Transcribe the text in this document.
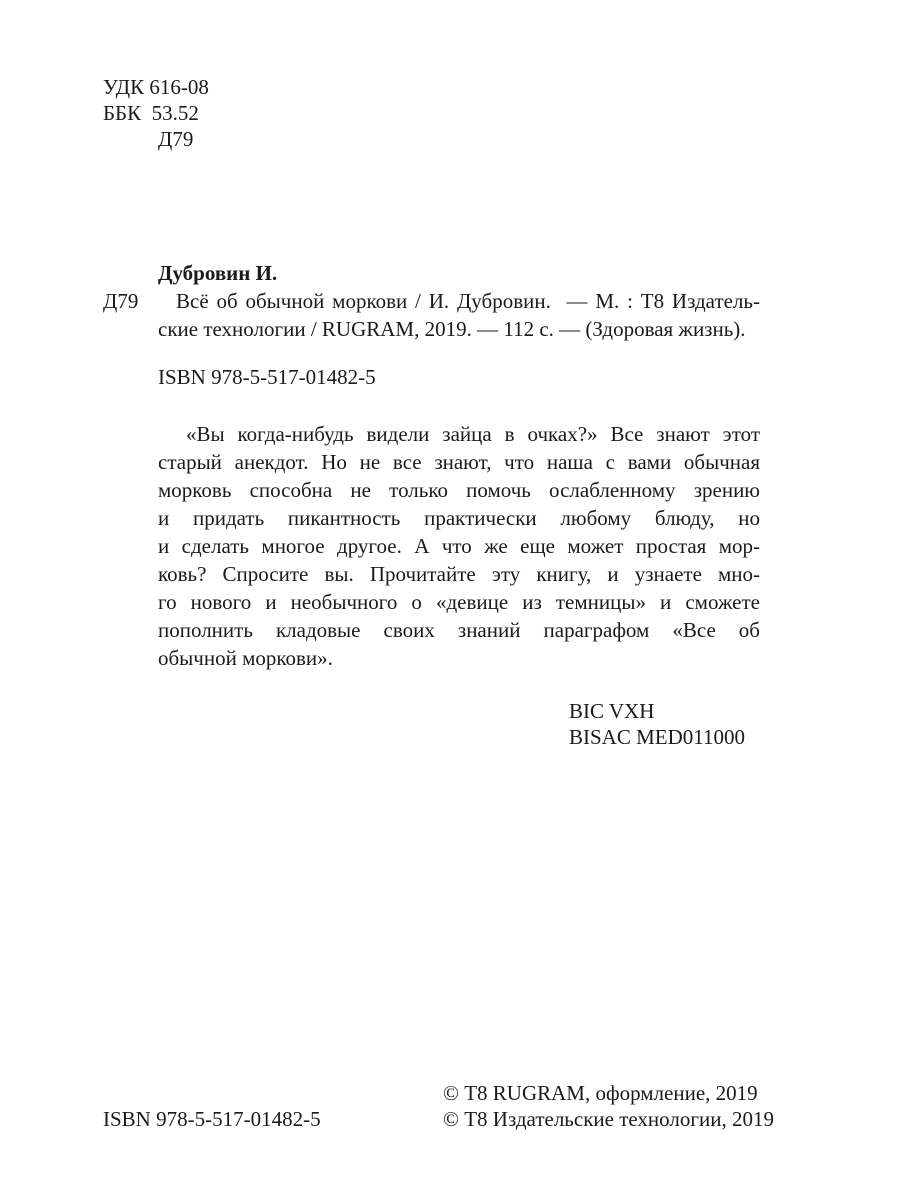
УДК 616-08
ББК  53.52
Д79
Дубровин И.
Д79 Всё об обычной моркови / И. Дубровин.  — М. : Т8 Издатель-
ские технологии / RUGRAM, 2019. — 112 с. — (Здоровая жизнь).
ISBN 978-5-517-01482-5
«Вы когда-нибудь видели зайца в очках?» Все знают этот
старый анекдот. Но не все знают, что наша с вами обычная
морковь способна не только помочь ослабленному зрению
и придать пикантность практически любому блюду, но
и сделать многое другое. А что же еще может простая мор-
ковь? Спросите вы. Прочитайте эту книгу, и узнаете мно-
го нового и необычного о «девице из темницы» и сможете
пополнить кладовые своих знаний параграфом «Все об
обычной моркови».
BIC VXH
BISAC MED011000
© Т8 RUGRAM, оформление, 2019
ISBN 978-5-517-01482-5	© Т8 Издательские технологии, 2019
